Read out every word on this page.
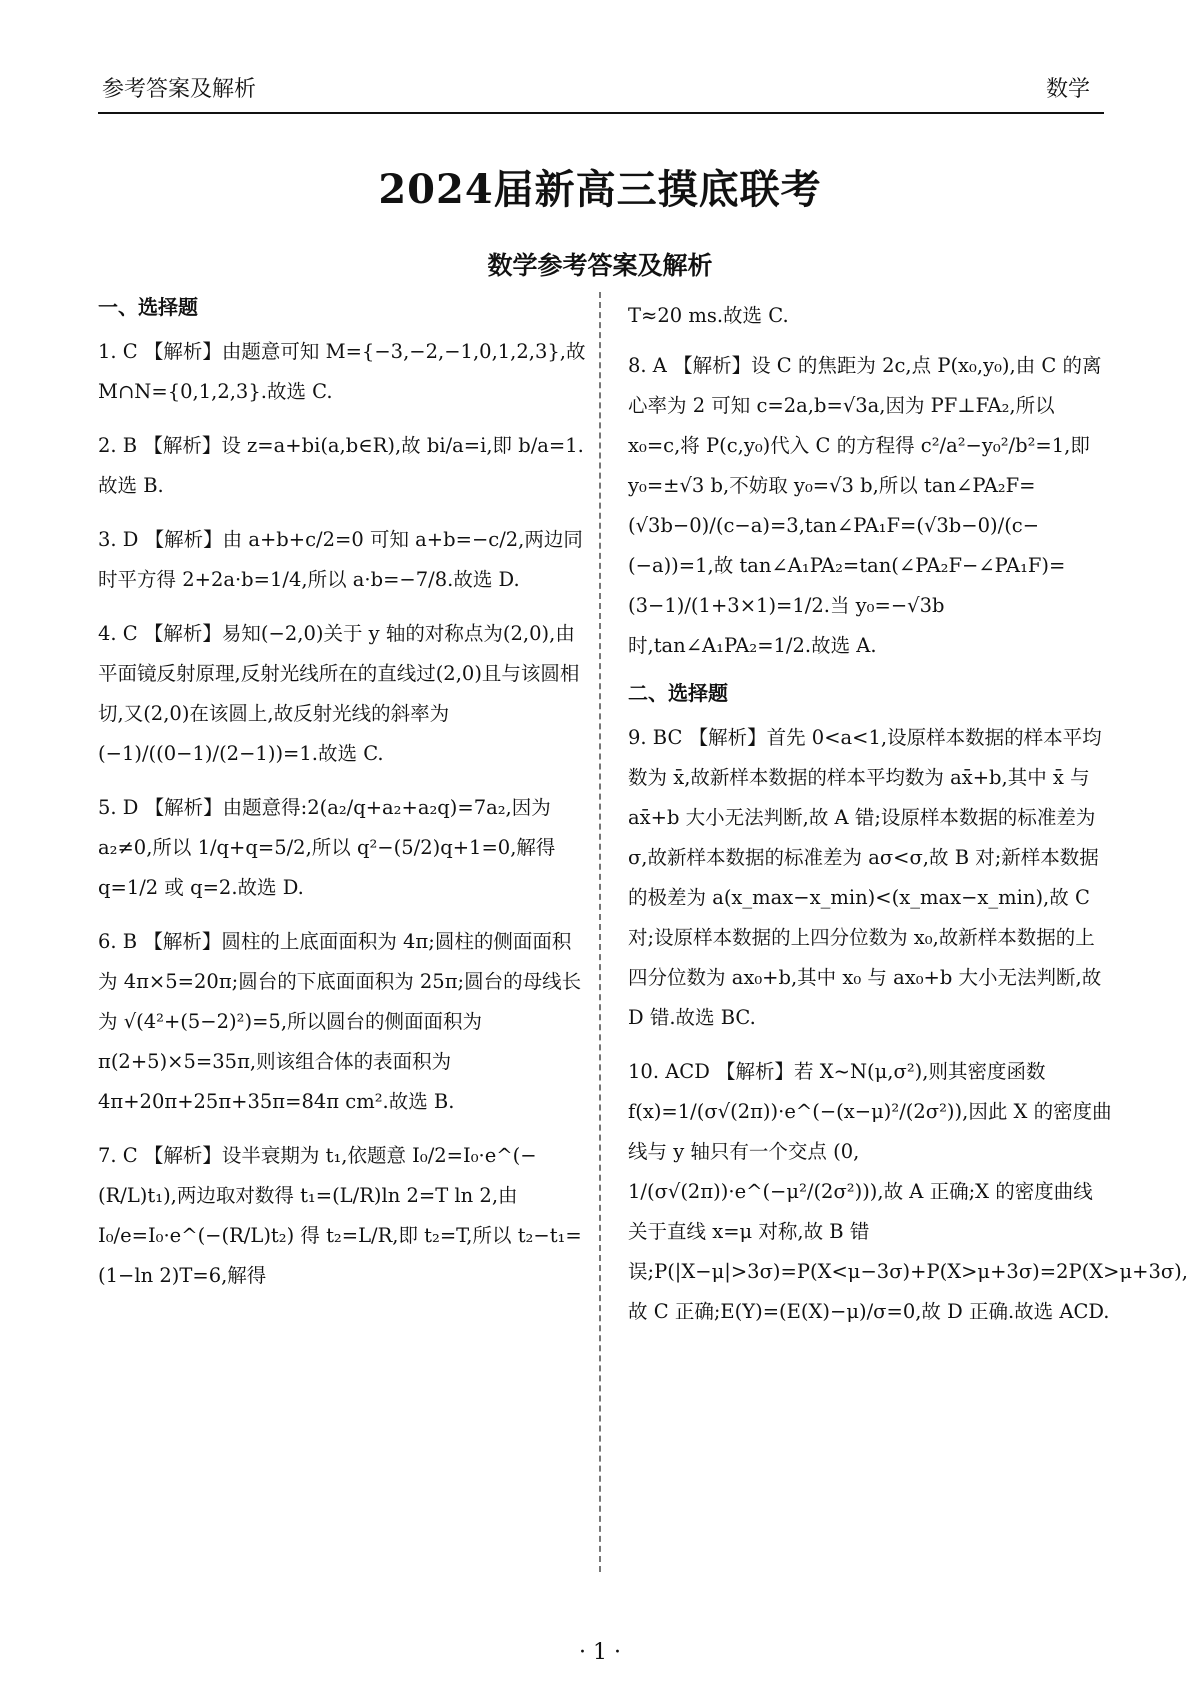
参考答案及解析	数学
2024届新高三摸底联考
数学参考答案及解析
一、选择题

1. C 【解析】由题意可知 M={−3,−2,−1,0,1,2,3},故 M∩N={0,1,2,3}.故选 C.

2. B 【解析】设 z=a+bi(a,b∈R),故 bi/a=i,即 b/a=1.故选 B.

3. D 【解析】由 a+b+c/2=0 可知 a+b=−c/2,两边同时平方得 2+2a·b=1/4,所以 a·b=−7/8.故选 D.

4. C 【解析】易知(−2,0)关于 y 轴的对称点为(2,0),由平面镜反射原理,反射光线所在的直线过(2,0)且与该圆相切,又(2,0)在该圆上,故反射光线的斜率为 (−1)/((0−1)/(2−1))=1.故选 C.

5. D 【解析】由题意得:2(a₂/q+a₂+a₂q)=7a₂,因为 a₂≠0,所以 1/q+q=5/2,所以 q²−(5/2)q+1=0,解得 q=1/2 或 q=2.故选 D.

6. B 【解析】圆柱的上底面面积为 4π;圆柱的侧面面积为 4π×5=20π;圆台的下底面面积为 25π;圆台的母线长为 √(4²+(5−2)²)=5,所以圆台的侧面面积为 π(2+5)×5=35π,则该组合体的表面积为 4π+20π+25π+35π=84π cm².故选 B.

7. C 【解析】设半衰期为 t₁,依题意 I₀/2=I₀·e^(−(R/L)t₁),两边取对数得 t₁=(L/R)ln 2=T ln 2,由 I₀/e=I₀·e^(−(R/L)t₂) 得 t₂=L/R,即 t₂=T,所以 t₂−t₁=(1−ln 2)T=6,解得

T≈20 ms.故选 C.

8. A 【解析】设 C 的焦距为 2c,点 P(x₀,y₀),由 C 的离心率为 2 可知 c=2a,b=√3a,因为 PF⊥FA₂,所以 x₀=c,将 P(c,y₀)代入 C 的方程得 c²/a²−y₀²/b²=1,即 y₀=±√3 b,不妨取 y₀=√3 b,所以 tan∠PA₂F=(√3b−0)/(c−a)=3,tan∠PA₁F=(√3b−0)/(c−(−a))=1,故 tan∠A₁PA₂=tan(∠PA₂F−∠PA₁F)=(3−1)/(1+3×1)=1/2.当 y₀=−√3b 时,tan∠A₁PA₂=1/2.故选 A.

二、选择题

9. BC 【解析】首先 0<a<1,设原样本数据的样本平均数为 x̄,故新样本数据的样本平均数为 ax̄+b,其中 x̄ 与 ax̄+b 大小无法判断,故 A 错;设原样本数据的标准差为 σ,故新样本数据的标准差为 aσ<σ,故 B 对;新样本数据的极差为 a(x_max−x_min)<(x_max−x_min),故 C 对;设原样本数据的上四分位数为 x₀,故新样本数据的上四分位数为 ax₀+b,其中 x₀ 与 ax₀+b 大小无法判断,故 D 错.故选 BC.

10. ACD 【解析】若 X~N(μ,σ²),则其密度函数 f(x)=1/(σ√(2π))·e^(−(x−μ)²/(2σ²)),因此 X 的密度曲线与 y 轴只有一个交点 (0, 1/(σ√(2π))·e^(−μ²/(2σ²))),故 A 正确;X 的密度曲线关于直线 x=μ 对称,故 B 错误;P(|X−μ|>3σ)=P(X<μ−3σ)+P(X>μ+3σ)=2P(X>μ+3σ),故 C 正确;E(Y)=(E(X)−μ)/σ=0,故 D 正确.故选 ACD.

· 1 ·
